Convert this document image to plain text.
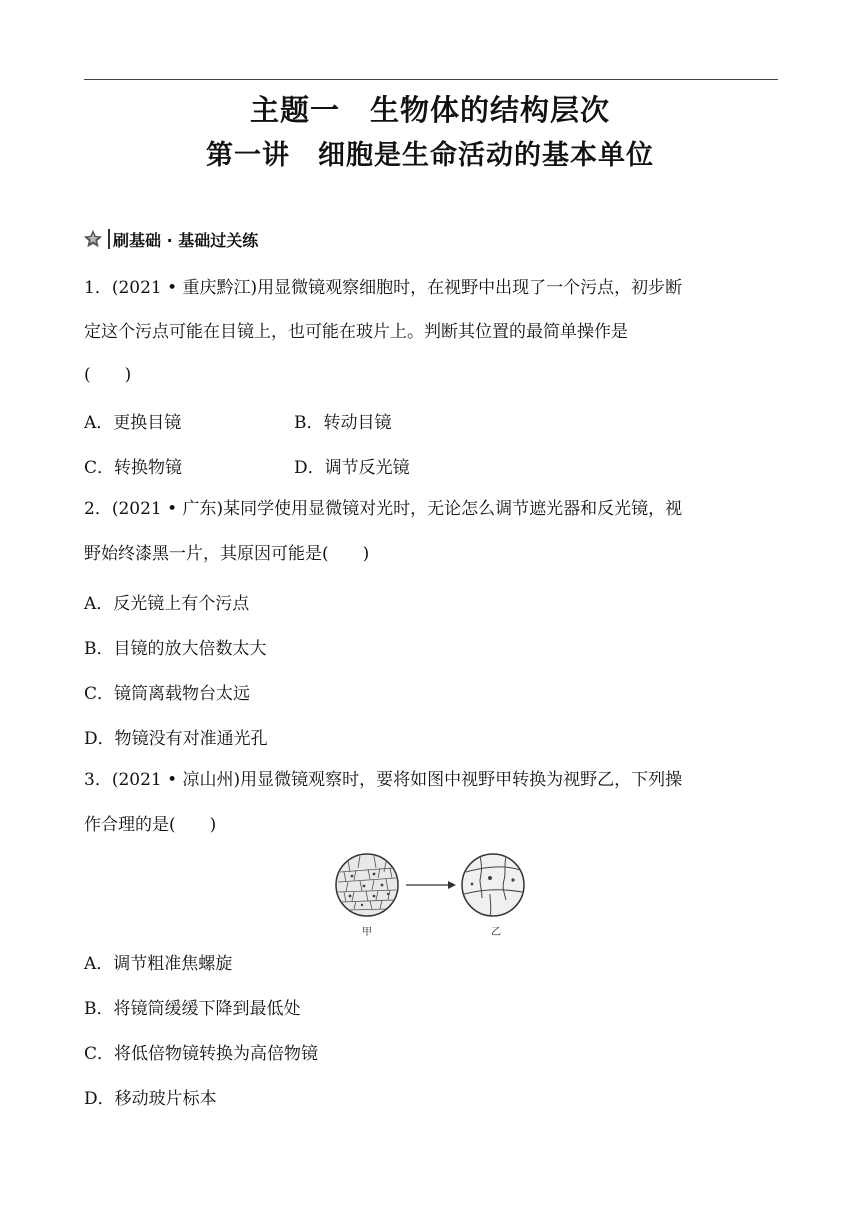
主题一　生物体的结构层次
第一讲　细胞是生命活动的基本单位
刷基础 · 基础过关练
1．(2021 • 重庆黔江)用显微镜观察细胞时，在视野中出现了一个污点，初步断
定这个污点可能在目镜上，也可能在玻片上。判断其位置的最简单操作是
(　　)
A．更换目镜	B．转动目镜
C．转换物镜	D．调节反光镜
2．(2021 • 广东)某同学使用显微镜对光时，无论怎么调节遮光器和反光镜，视
野始终漆黑一片，其原因可能是(　　)
A．反光镜上有个污点
B．目镜的放大倍数太大
C．镜筒离载物台太远
D．物镜没有对准通光孔
3．(2021 • 凉山州)用显微镜观察时，要将如图中视野甲转换为视野乙，下列操
作合理的是(　　)
甲	乙
A．调节粗准焦螺旋
B．将镜筒缓缓下降到最低处
C．将低倍物镜转换为高倍物镜
D．移动玻片标本
